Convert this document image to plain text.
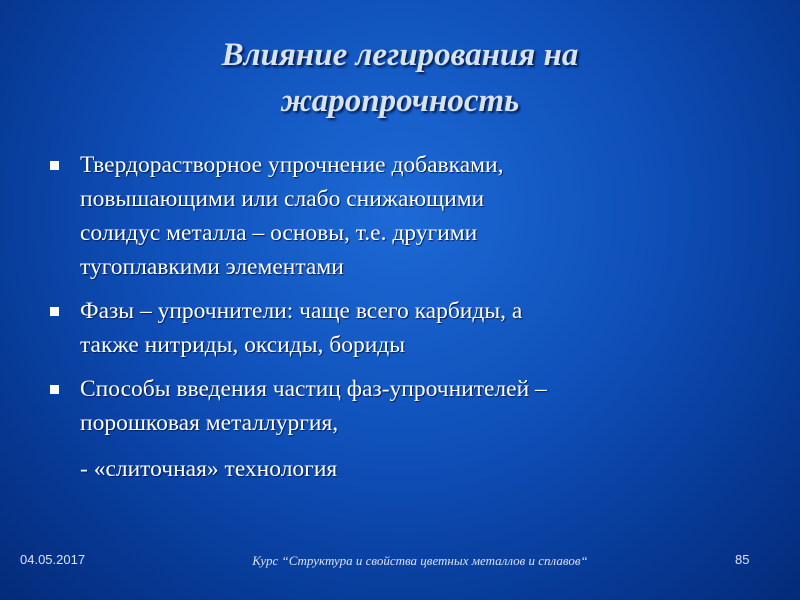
Влияние легирования на
жаропрочность
Твердорастворное упрочнение добавками,
повышающими или слабо снижающими
солидус металла – основы, т.е. другими
тугоплавкими элементами
Фазы – упрочнители: чаще всего карбиды, а
также нитриды, оксиды, бориды
Способы введения частиц фаз-упрочнителей –
порошковая металлургия,
- «слиточная» технология
04.05.2017	Курс “Структура и свойства цветных металлов и сплавов“	85
